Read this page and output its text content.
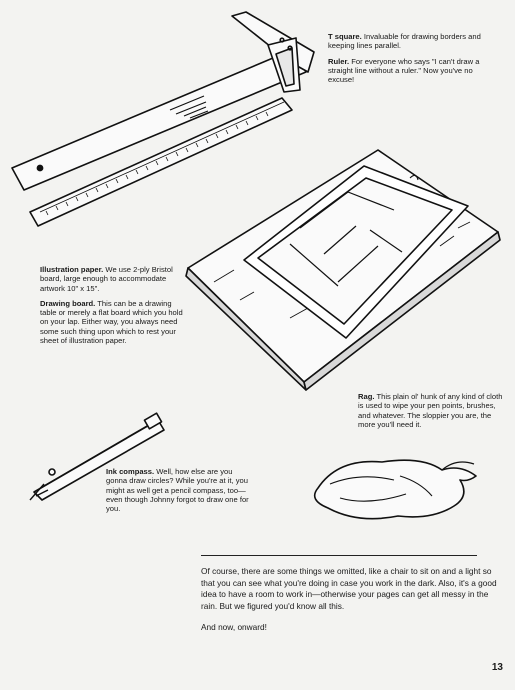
T square. Invaluable for drawing borders and keeping lines parallel.

Ruler. For everyone who says "I can't draw a straight line without a ruler." Now you've no excuse!

Illustration paper. We use 2-ply Bristol board, large enough to accommodate artwork 10" x 15".

Drawing board. This can be a drawing table or merely a flat board which you hold on your lap. Either way, you always need some such thing upon which to rest your sheet of illustration paper.

Rag. This plain ol' hunk of any kind of cloth is used to wipe your pen points, brushes, and whatever. The sloppier you are, the more you'll need it.

Ink compass. Well, how else are you gonna draw circles? While you're at it, you might as well get a pencil compass, too—even though Johnny forgot to draw one for you.

Of course, there are some things we omitted, like a chair to sit on and a light so that you can see what you're doing in case you work in the dark. Also, it's a good idea to have a room to work in—otherwise your pages can get all messy in the rain. But we figured you'd know all this.

And now, onward!

13
